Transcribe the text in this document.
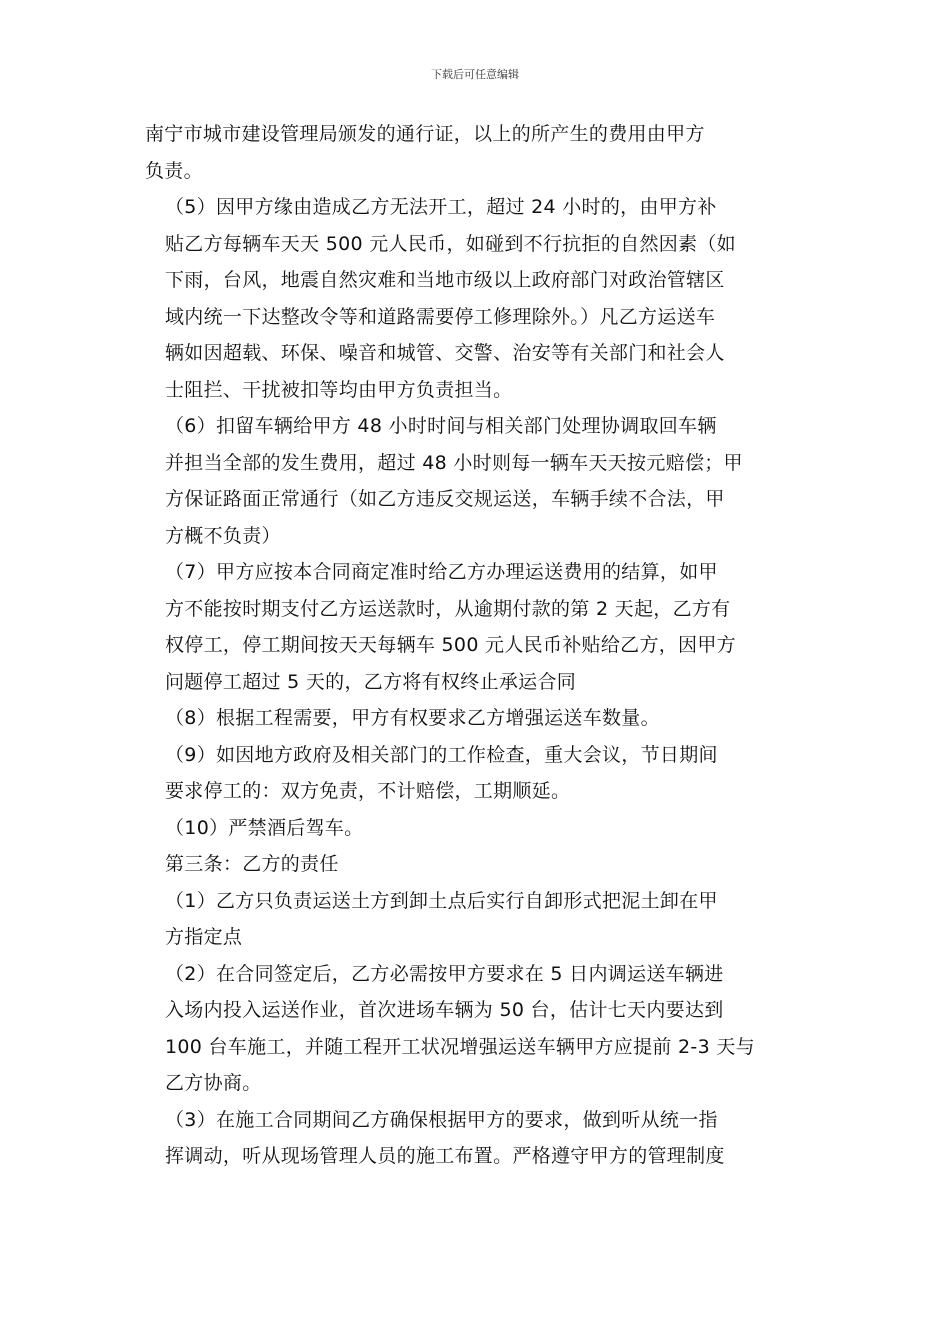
下载后可任意编辑

南宁市城市建设管理局颁发的通行证，以上的所产生的费用由甲方
负责。

（5）因甲方缘由造成乙方无法开工，超过 24 小时的，由甲方补
贴乙方每辆车天天 500 元人民币，如碰到不行抗拒的自然因素（如
下雨，台风，地震自然灾难和当地市级以上政府部门对政治管辖区
域内统一下达整改令等和道路需要停工修理除外。）凡乙方运送车
辆如因超载、环保、噪音和城管、交警、治安等有关部门和社会人
士阻拦、干扰被扣等均由甲方负责担当。

（6）扣留车辆给甲方 48 小时时间与相关部门处理协调取回车辆
并担当全部的发生费用，超过 48 小时则每一辆车天天按元赔偿；甲
方保证路面正常通行（如乙方违反交规运送，车辆手续不合法，甲
方概不负责）

（7）甲方应按本合同商定准时给乙方办理运送费用的结算，如甲
方不能按时期支付乙方运送款时，从逾期付款的第 2 天起，乙方有
权停工，停工期间按天天每辆车 500 元人民币补贴给乙方，因甲方
问题停工超过 5 天的，乙方将有权终止承运合同

（8）根据工程需要，甲方有权要求乙方增强运送车数量。

（9）如因地方政府及相关部门的工作检查，重大会议，节日期间
要求停工的：双方免责，不计赔偿，工期顺延。

（10）严禁酒后驾车。

第三条：乙方的责任

（1）乙方只负责运送土方到卸土点后实行自卸形式把泥土卸在甲
方指定点

（2）在合同签定后，乙方必需按甲方要求在 5 日内调运送车辆进
入场内投入运送作业，首次进场车辆为 50 台，估计七天内要达到
100 台车施工，并随工程开工状况增强运送车辆甲方应提前 2-3 天与
乙方协商。

（3）在施工合同期间乙方确保根据甲方的要求，做到听从统一指
挥调动，听从现场管理人员的施工布置。严格遵守甲方的管理制度
